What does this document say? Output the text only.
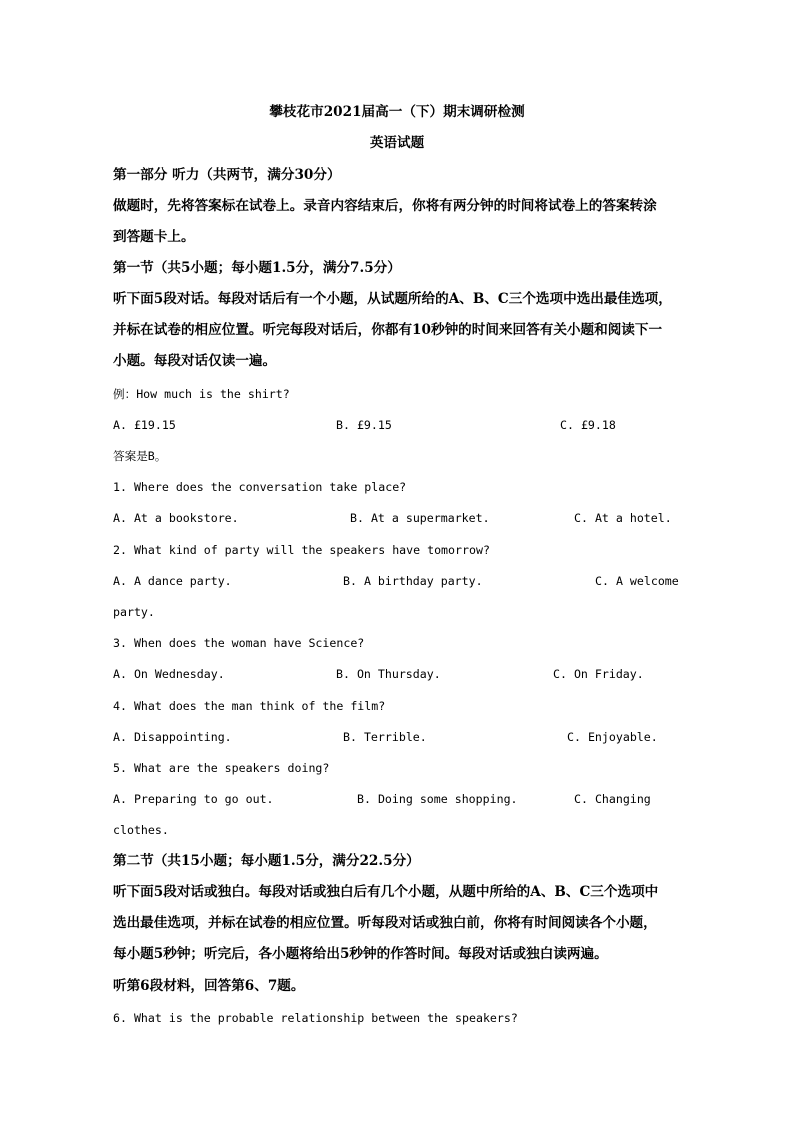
攀枝花市2021届高一（下）期末调研检测
英语试题
第一部分 听力（共两节，满分30分）
做题时，先将答案标在试卷上。录音内容结束后，你将有两分钟的时间将试卷上的答案转涂
到答题卡上。
第一节（共5小题；每小题1.5分，满分7.5分）
听下面5段对话。每段对话后有一个小题，从试题所给的A、B、C三个选项中选出最佳选项，
并标在试卷的相应位置。听完每段对话后，你都有10秒钟的时间来回答有关小题和阅读下一
小题。每段对话仅读一遍。
例：How much is the shirt?
A. £19.15	B. £9.15	C. £9.18
答案是B。
1. Where does the conversation take place?
A. At a bookstore.	B. At a supermarket.	C. At a hotel.
2. What kind of party will the speakers have tomorrow?
A. A dance party.	B. A birthday party.	C. A welcome
party.
3. When does the woman have Science?
A. On Wednesday.	B. On Thursday.	C. On Friday.
4. What does the man think of the film?
A. Disappointing.	B. Terrible.	C. Enjoyable.
5. What are the speakers doing?
A. Preparing to go out.	B. Doing some shopping.	C. Changing
clothes.
第二节（共15小题；每小题1.5分，满分22.5分）
听下面5段对话或独白。每段对话或独白后有几个小题，从题中所给的A、B、C三个选项中
选出最佳选项，并标在试卷的相应位置。听每段对话或独白前，你将有时间阅读各个小题，
每小题5秒钟；听完后，各小题将给出5秒钟的作答时间。每段对话或独白读两遍。
听第6段材料，回答第6、7题。
6. What is the probable relationship between the speakers?
